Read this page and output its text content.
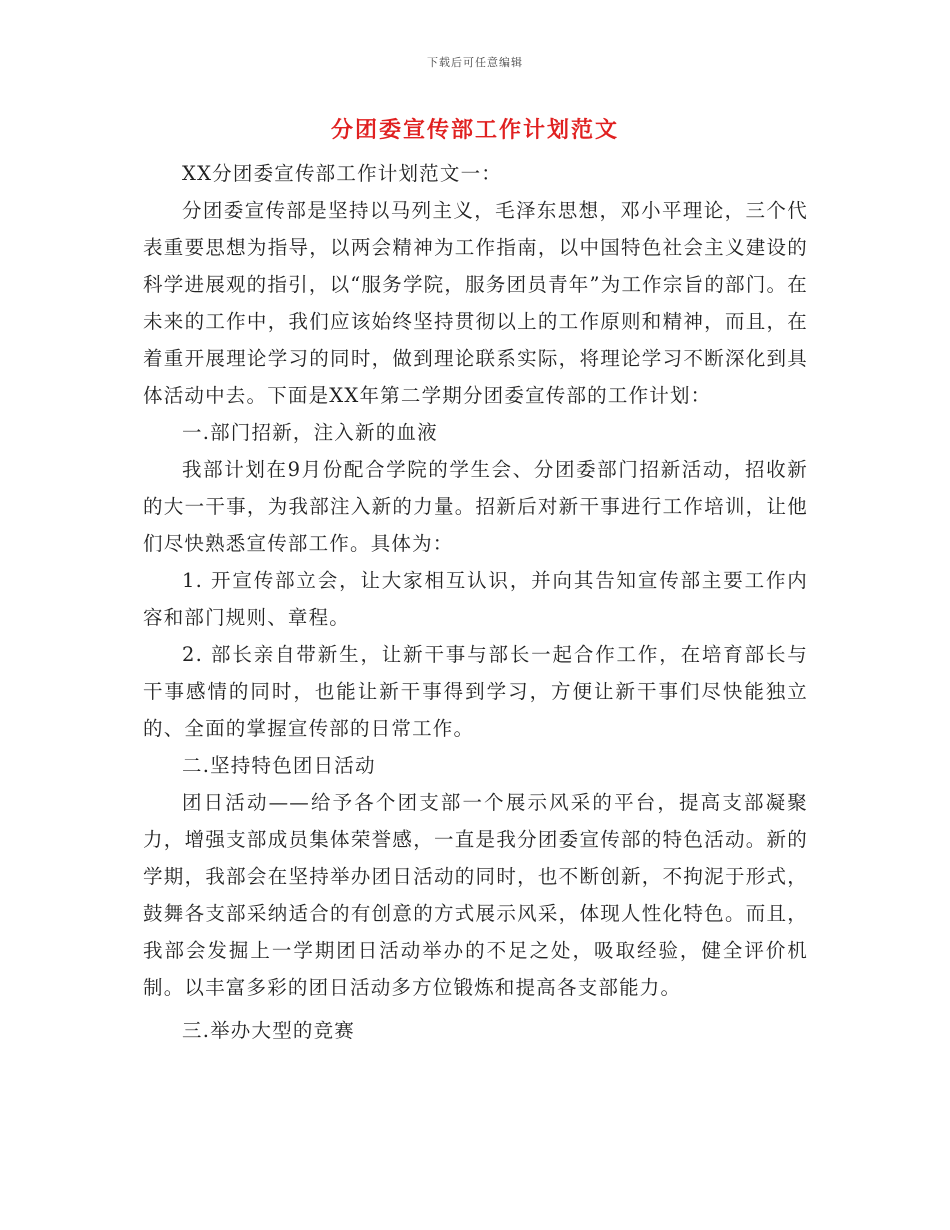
下载后可任意编辑
分团委宣传部工作计划范文

XX分团委宣传部工作计划范文一：

分团委宣传部是坚持以马列主义，毛泽东思想，邓小平理论，三个代表重要思想为指导，以两会精神为工作指南，以中国特色社会主义建设的科学进展观的指引，以“服务学院，服务团员青年”为工作宗旨的部门。在未来的工作中，我们应该始终坚持贯彻以上的工作原则和精神，而且，在着重开展理论学习的同时，做到理论联系实际，将理论学习不断深化到具体活动中去。下面是XX年第二学期分团委宣传部的工作计划：

一.部门招新，注入新的血液

我部计划在9月份配合学院的学生会、分团委部门招新活动，招收新的大一干事，为我部注入新的力量。招新后对新干事进行工作培训，让他们尽快熟悉宣传部工作。具体为：

1. 开宣传部立会，让大家相互认识，并向其告知宣传部主要工作内容和部门规则、章程。

2. 部长亲自带新生，让新干事与部长一起合作工作，在培育部长与干事感情的同时，也能让新干事得到学习，方便让新干事们尽快能独立的、全面的掌握宣传部的日常工作。

二.坚持特色团日活动

团日活动——给予各个团支部一个展示风采的平台，提高支部凝聚力，增强支部成员集体荣誉感，一直是我分团委宣传部的特色活动。新的学期，我部会在坚持举办团日活动的同时，也不断创新，不拘泥于形式，鼓舞各支部采纳适合的有创意的方式展示风采，体现人性化特色。而且，我部会发掘上一学期团日活动举办的不足之处，吸取经验，健全评价机制。以丰富多彩的团日活动多方位锻炼和提高各支部能力。

三.举办大型的竞赛
